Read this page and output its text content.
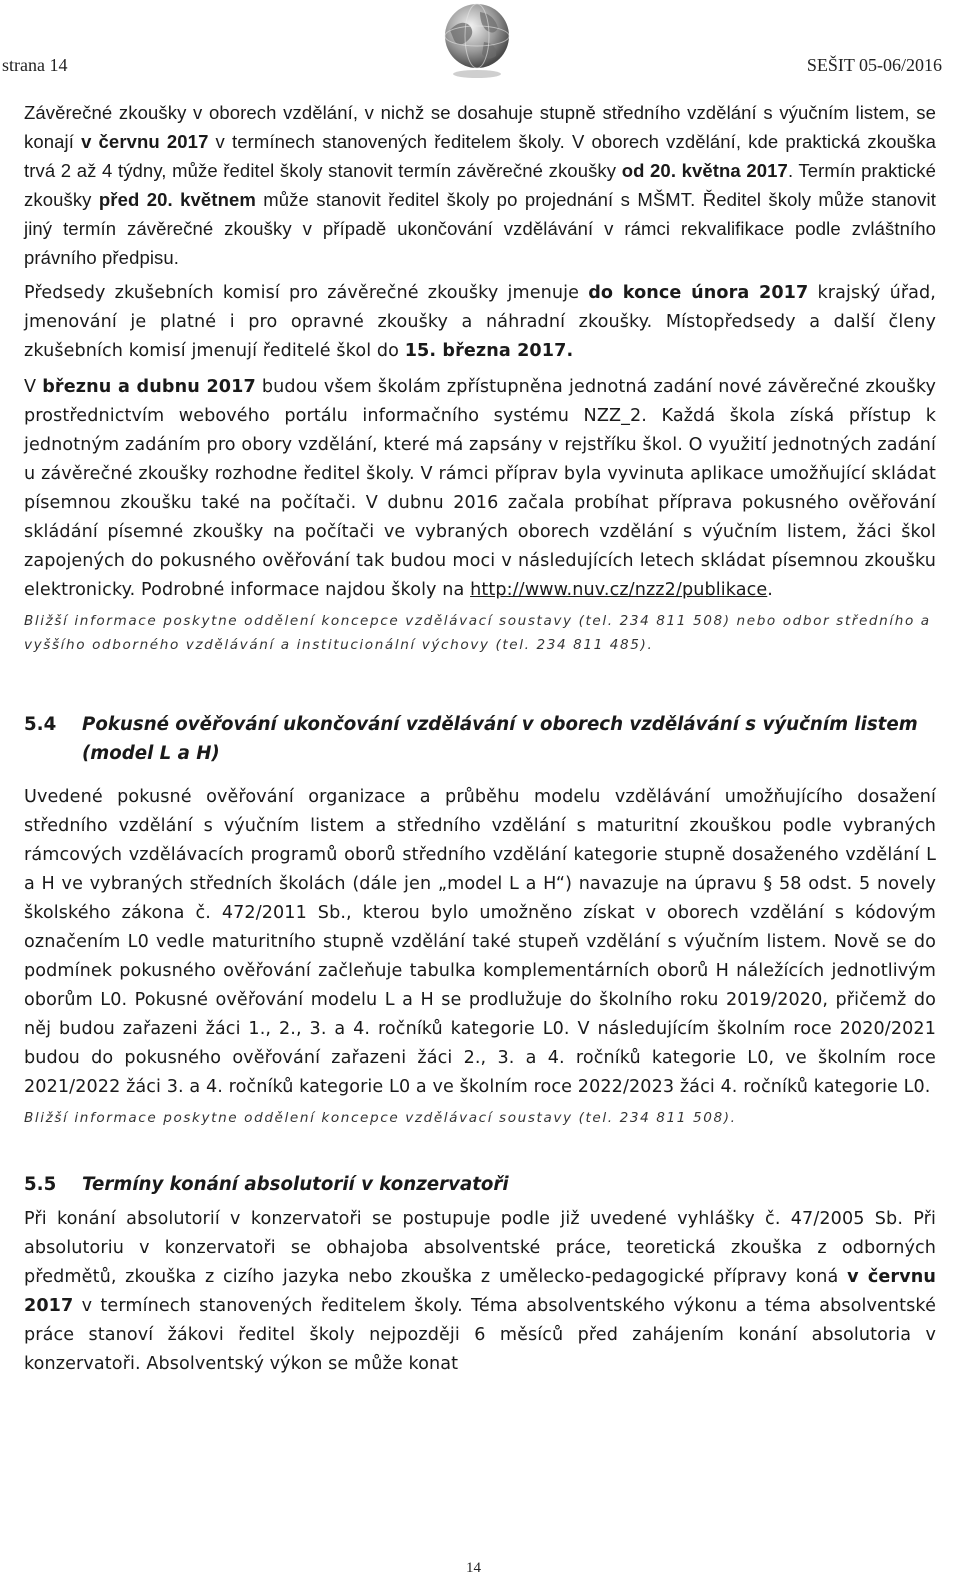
strana 14	SEŠIT 05-06/2016

Závěrečné zkoušky v oborech vzdělání, v nichž se dosahuje stupně středního vzdělání s výučním listem, se konají v červnu 2017 v termínech stanovených ředitelem školy. V oborech vzdělání, kde praktická zkouška trvá 2 až 4 týdny, může ředitel školy stanovit termín závěrečné zkoušky od 20. května 2017. Termín praktické zkoušky před 20. květnem může stanovit ředitel školy po projednání s MŠMT. Ředitel školy může stanovit jiný termín závěrečné zkoušky v případě ukončování vzdělávání v rámci rekvalifikace podle zvláštního právního předpisu.

Předsedy zkušebních komisí pro závěrečné zkoušky jmenuje do konce února 2017 krajský úřad, jmenování je platné i pro opravné zkoušky a náhradní zkoušky. Místopředsedy a další členy zkušebních komisí jmenují ředitelé škol do 15. března 2017.

V březnu a dubnu 2017 budou všem školám zpřístupněna jednotná zadání nové závěrečné zkoušky prostřednictvím webového portálu informačního systému NZZ_2. Každá škola získá přístup k jednotným zadáním pro obory vzdělání, které má zapsány v rejstříku škol. O využití jednotných zadání u závěrečné zkoušky rozhodne ředitel školy. V rámci příprav byla vyvinuta aplikace umožňující skládat písemnou zkoušku také na počítači. V dubnu 2016 začala probíhat příprava pokusného ověřování skládání písemné zkoušky na počítači ve vybraných oborech vzdělání s výučním listem, žáci škol zapojených do pokusného ověřování tak budou moci v následujících letech skládat písemnou zkoušku elektronicky. Podrobné informace najdou školy na http://www.nuv.cz/nzz2/publikace.

Bližší informace poskytne oddělení koncepce vzdělávací soustavy (tel. 234 811 508) nebo odbor středního a vyššího odborného vzdělávání a institucionální výchovy (tel. 234 811 485).

5.4	Pokusné ověřování ukončování vzdělávání v oborech vzdělávání s výučním listem (model L a H)

Uvedené pokusné ověřování organizace a průběhu modelu vzdělávání umožňujícího dosažení středního vzdělání s výučním listem a středního vzdělání s maturitní zkouškou podle vybraných rámcových vzdělávacích programů oborů středního vzdělání kategorie stupně dosaženého vzdělání L a H ve vybraných středních školách (dále jen „model L a H“) navazuje na úpravu § 58 odst. 5 novely školského zákona č. 472/2011 Sb., kterou bylo umožněno získat v oborech vzdělání s kódovým označením L0 vedle maturitního stupně vzdělání také stupeň vzdělání s výučním listem. Nově se do podmínek pokusného ověřování začleňuje tabulka komplementárních oborů H náležících jednotlivým oborům L0. Pokusné ověřování modelu L a H se prodlužuje do školního roku 2019/2020, přičemž do něj budou zařazeni žáci 1., 2., 3. a 4. ročníků kategorie L0. V následujícím školním roce 2020/2021 budou do pokusného ověřování zařazeni žáci 2., 3. a 4. ročníků kategorie L0, ve školním roce 2021/2022 žáci 3. a 4. ročníků kategorie L0 a ve školním roce 2022/2023 žáci 4. ročníků kategorie L0.

Bližší informace poskytne oddělení koncepce vzdělávací soustavy (tel. 234 811 508).

5.5	Termíny konání absolutorií v konzervatoři

Při konání absolutorií v konzervatoři se postupuje podle již uvedené vyhlášky č. 47/2005 Sb. Při absolutoriu v konzervatoři se obhajoba absolventské práce, teoretická zkouška z odborných předmětů, zkouška z cizího jazyka nebo zkouška z umělecko-pedagogické přípravy koná v červnu 2017 v termínech stanovených ředitelem školy. Téma absolventského výkonu a téma absolventské práce stanoví žákovi ředitel školy nejpozději 6 měsíců před zahájením konání absolutoria v konzervatoři. Absolventský výkon se může konat

14
